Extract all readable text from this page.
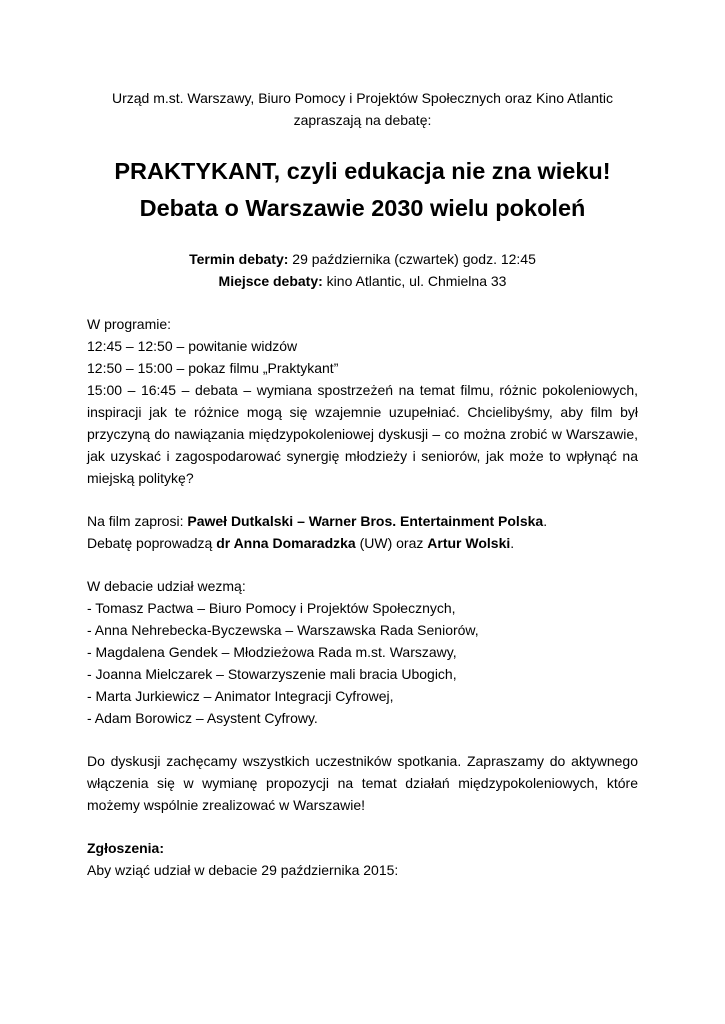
Urząd m.st. Warszawy, Biuro Pomocy i Projektów Społecznych oraz Kino Atlantic
zapraszają na debatę:

PRAKTYKANT, czyli edukacja nie zna wieku!
Debata o Warszawie 2030 wielu pokoleń
Termin debaty: 29 października (czwartek) godz. 12:45
Miejsce debaty: kino Atlantic, ul. Chmielna 33
W programie:
12:45 – 12:50 – powitanie widzów
12:50 – 15:00 – pokaz filmu „Praktykant”

15:00 – 16:45 – debata – wymiana spostrzeżeń na temat filmu, różnic pokoleniowych, inspiracji jak te różnice mogą się wzajemnie uzupełniać. Chcielibyśmy, aby film był przyczyną do nawiązania międzypokoleniowej dyskusji – co można zrobić w Warszawie, jak uzyskać i zagospodarować synergię młodzieży i seniorów, jak może to wpłynąć na miejską politykę?

Na film zaprosi: Paweł Dutkalski – Warner Bros. Entertainment Polska.
Debatę poprowadzą dr Anna Domaradzka (UW) oraz Artur Wolski.
W debacie udział wezmą:
- Tomasz Pactwa – Biuro Pomocy i Projektów Społecznych,
- Anna Nehrebecka-Byczewska – Warszawska Rada Seniorów,
- Magdalena Gendek – Młodzieżowa Rada m.st. Warszawy,
- Joanna Mielczarek – Stowarzyszenie mali bracia Ubogich,
- Marta Jurkiewicz – Animator Integracji Cyfrowej,
- Adam Borowicz – Asystent Cyfrowy.

Do dyskusji zachęcamy wszystkich uczestników spotkania. Zapraszamy do aktywnego włączenia się w wymianę propozycji na temat działań międzypokoleniowych, które możemy wspólnie zrealizować w Warszawie!

Zgłoszenia:
Aby wziąć udział w debacie 29 października 2015:
